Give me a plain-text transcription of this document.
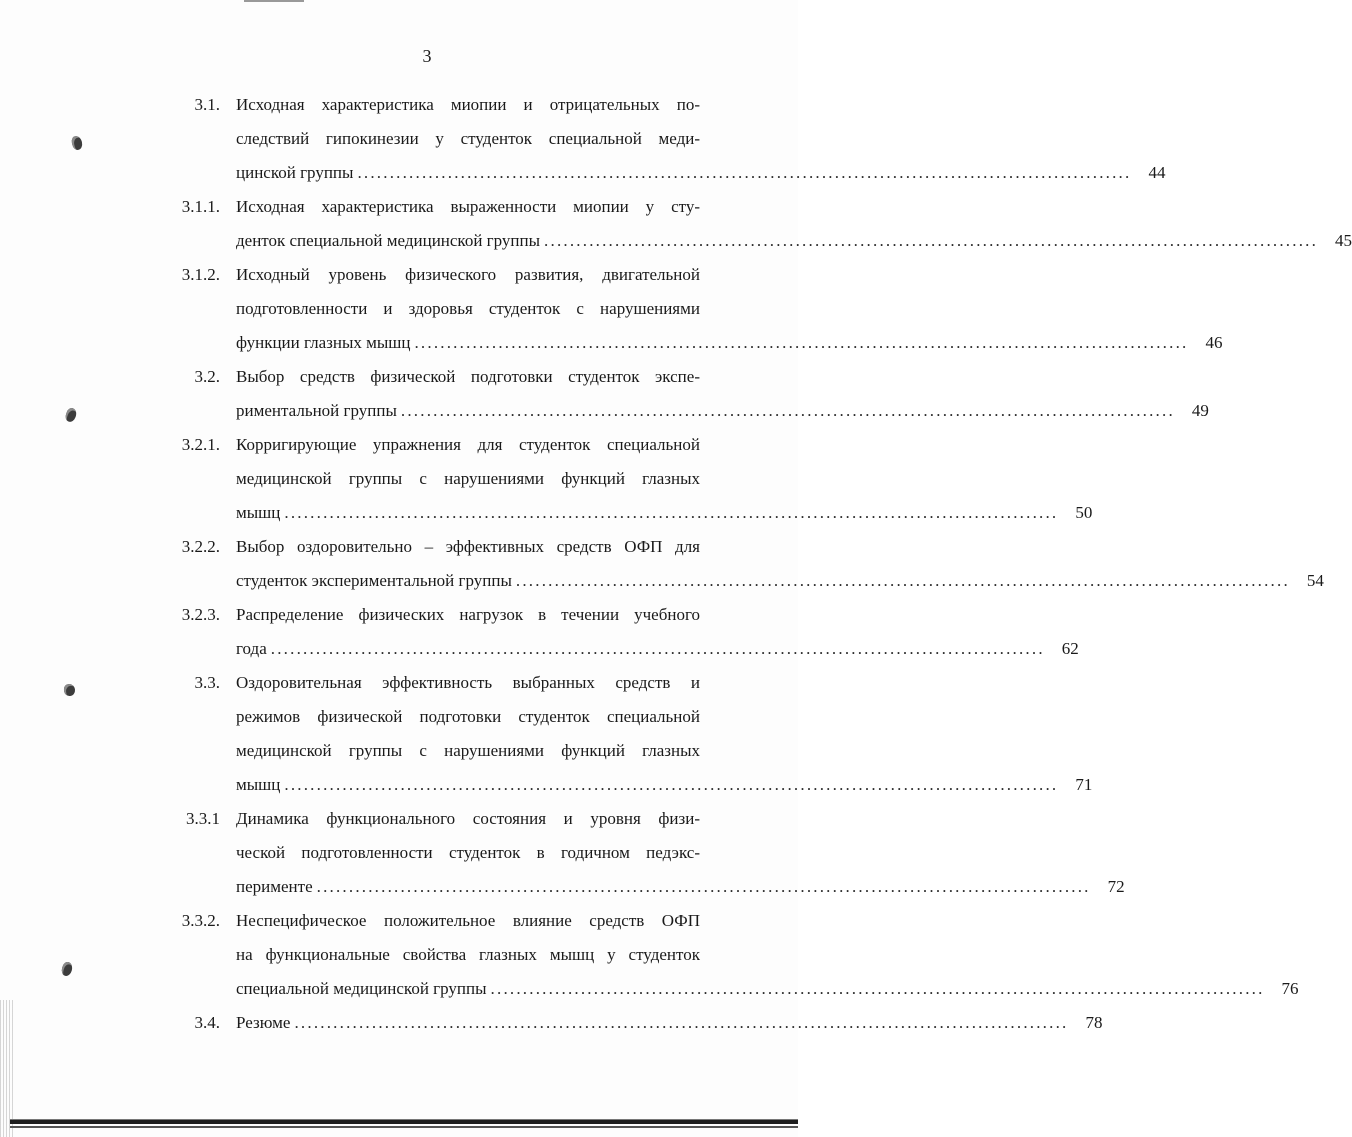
3
3.1. Исходная характеристика миопии и отрицательных по-
следствий гипокинезии у студенток специальной меди-
цинской группы ........................................................................................................................	44
3.1.1. Исходная характеристика выраженности миопии у сту-
денток специальной медицинской группы ........................................................................................................................	45
3.1.2. Исходный уровень физического развития, двигательной
подготовленности и здоровья студенток с нарушениями
функции глазных мышц ........................................................................................................................	46
3.2. Выбор средств физической подготовки студенток экспе-
риментальной группы ........................................................................................................................	49
3.2.1. Корригирующие упражнения для студенток специальной
медицинской группы с нарушениями функций глазных
мышц ........................................................................................................................	50
3.2.2. Выбор оздоровительно – эффективных средств ОФП для
студенток экспериментальной группы ........................................................................................................................	54
3.2.3. Распределение физических нагрузок в течении учебного
года ........................................................................................................................	62
3.3. Оздоровительная эффективность выбранных средств и
режимов физической подготовки студенток специальной
медицинской группы с нарушениями функций глазных
мышц ........................................................................................................................	71
3.3.1 Динамика функционального состояния и уровня физи-
ческой подготовленности студенток в годичном педэкс-
перименте ........................................................................................................................	72
3.3.2. Неспецифическое положительное влияние средств ОФП
на функциональные свойства глазных мышц у студенток
специальной медицинской группы ........................................................................................................................	76
3.4. Резюме ........................................................................................................................	78
